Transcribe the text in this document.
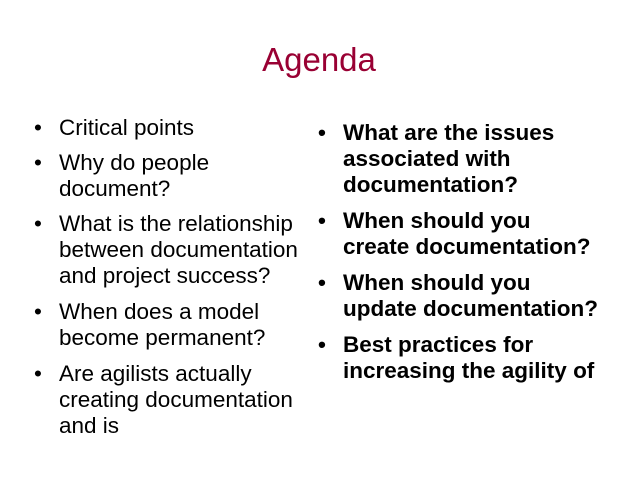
Agenda
• Critical points
• Why do people document?
• What is the relationship between documentation and project success?
• When does a model become permanent?
• Are agilists actually creating documentation and is
• What are the issues associated with documentation?
• When should you create documentation?
• When should you update documentation?
• Best practices for increasing the agility of
